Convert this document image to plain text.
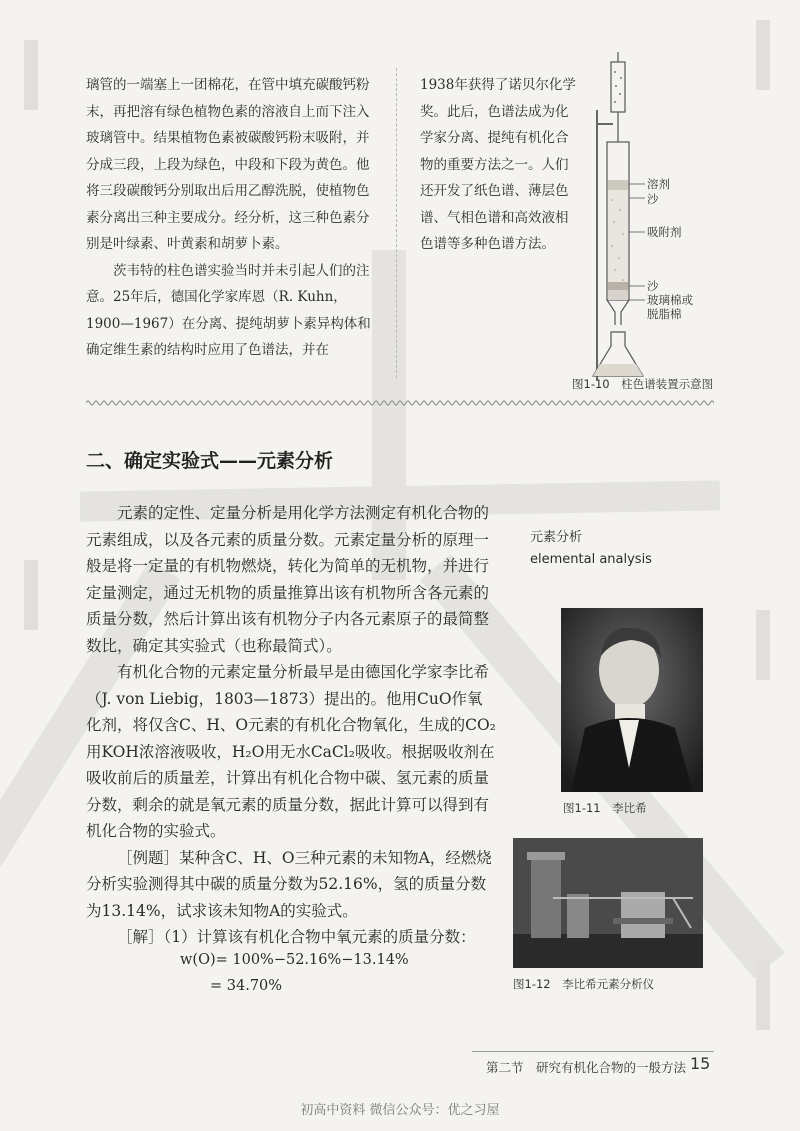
璃管的一端塞上一团棉花，在管中填充碳酸钙粉末，再把溶有绿色植物色素的溶液自上而下注入玻璃管中。结果植物色素被碳酸钙粉末吸附，并分成三段，上段为绿色，中段和下段为黄色。他将三段碳酸钙分别取出后用乙醇洗脱，使植物色素分离出三种主要成分。经分析，这三种色素分别是叶绿素、叶黄素和胡萝卜素。

茨韦特的柱色谱实验当时并未引起人们的注意。25年后，德国化学家库恩（R. Kuhn，1900—1967）在分离、提纯胡萝卜素异构体和确定维生素的结构时应用了色谱法，并在

1938年获得了诺贝尔化学奖。此后，色谱法成为化学家分离、提纯有机化合物的重要方法之一。人们还开发了纸色谱、薄层色谱、气相色谱和高效液相色谱等多种色谱方法。

溶剂
沙
吸附剂
沙
玻璃棉或
脱脂棉
图1-10　柱色谱装置示意图
二、确定实验式——元素分析

元素的定性、定量分析是用化学方法测定有机化合物的元素组成，以及各元素的质量分数。元素定量分析的原理一般是将一定量的有机物燃烧，转化为简单的无机物，并进行定量测定，通过无机物的质量推算出该有机物所含各元素的质量分数，然后计算出该有机物分子内各元素原子的最简整数比，确定其实验式（也称最简式）。

有机化合物的元素定量分析最早是由德国化学家李比希（J. von Liebig，1803—1873）提出的。他用CuO作氧化剂，将仅含C、H、O元素的有机化合物氧化，生成的CO₂用KOH浓溶液吸收，H₂O用无水CaCl₂吸收。根据吸收剂在吸收前后的质量差，计算出有机化合物中碳、氢元素的质量分数，剩余的就是氧元素的质量分数，据此计算可以得到有机化合物的实验式。

［例题］某种含C、H、O三种元素的未知物A，经燃烧分析实验测得其中碳的质量分数为52.16%，氢的质量分数为13.14%，试求该未知物A的实验式。

［解］（1）计算该有机化合物中氧元素的质量分数：

w(O)= 100%−52.16%−13.14%
= 34.70%
元素分析
elemental analysis
图1-11　李比希
图1-12　李比希元素分析仪
第二节　研究有机化合物的一般方法 15
初高中资料 微信公众号：优之习屋
